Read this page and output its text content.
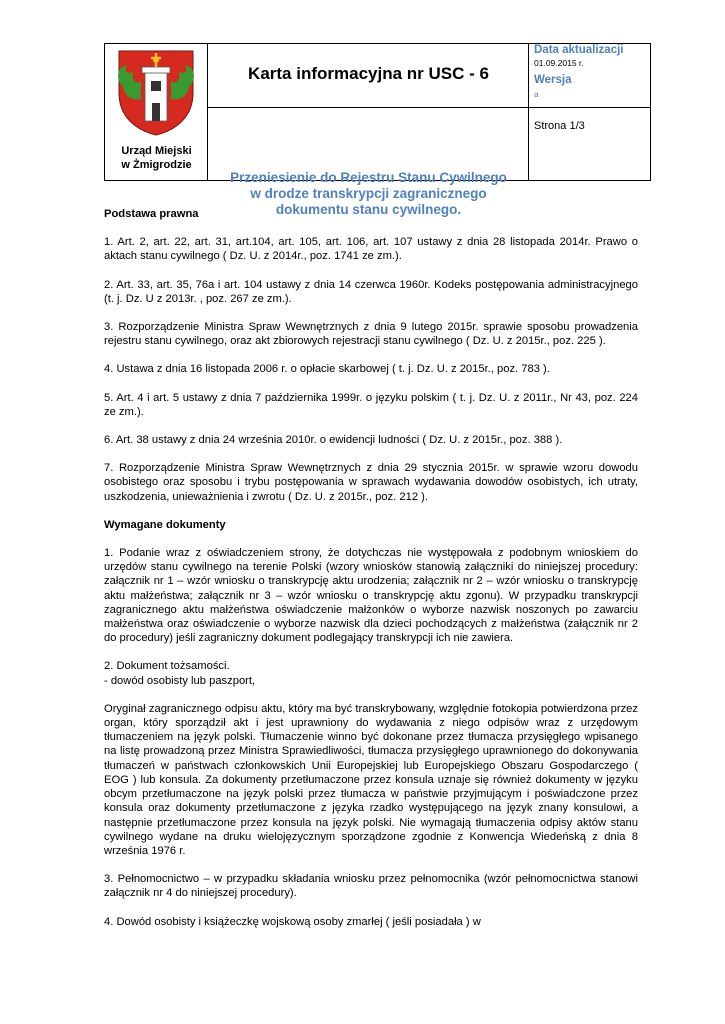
Urząd Miejski
w Żmigrodzie
Karta informacyjna nr USC - 6
Przeniesienie do Rejestru Stanu Cywilnego
w drodze transkrypcji zagranicznego
dokumentu stanu cywilnego.
Data aktualizacji
01.09.2015 r.
Wersja
a
Strona 1/3
Podstawa prawna

1. Art. 2, art. 22, art. 31, art.104, art. 105, art. 106, art. 107 ustawy z dnia 28 listopada 2014r. Prawo o aktach stanu cywilnego ( Dz. U. z 2014r., poz. 1741 ze zm.).

2. Art. 33, art. 35, 76a i art. 104 ustawy z dnia 14 czerwca 1960r. Kodeks postępowania administracyjnego (t. j. Dz. U z 2013r. , poz. 267 ze zm.).

3. Rozporządzenie Ministra Spraw Wewnętrznych z dnia 9 lutego 2015r. sprawie sposobu prowadzenia rejestru stanu cywilnego, oraz akt zbiorowych rejestracji stanu cywilnego ( Dz. U. z 2015r., poz. 225 ).

4. Ustawa z dnia 16 listopada 2006 r. o opłacie skarbowej ( t. j. Dz. U. z 2015r., poz. 783 ).

5. Art. 4 i art. 5 ustawy z dnia 7 października 1999r. o języku polskim ( t. j. Dz. U. z 2011r., Nr 43, poz. 224 ze zm.).

6. Art. 38 ustawy z dnia 24 września 2010r. o ewidencji ludności ( Dz. U. z 2015r., poz. 388 ).

7. Rozporządzenie Ministra Spraw Wewnętrznych z dnia 29 stycznia 2015r. w sprawie wzoru dowodu osobistego oraz sposobu i trybu postępowania w sprawach wydawania dowodów osobistych, ich utraty, uszkodzenia, unieważnienia i zwrotu ( Dz. U. z 2015r., poz. 212 ).

Wymagane dokumenty

1. Podanie wraz z oświadczeniem strony, że dotychczas nie występowała z podobnym wnioskiem do urzędów stanu cywilnego na terenie Polski (wzory wniosków stanowią załączniki do niniejszej procedury: załącznik nr 1 – wzór wniosku o transkrypcję aktu urodzenia; załącznik nr 2 – wzór wniosku o transkrypcję aktu małżeństwa; załącznik nr 3 – wzór wniosku o transkrypcję aktu zgonu). W przypadku transkrypcji zagranicznego aktu małżeństwa oświadczenie małżonków o wyborze nazwisk noszonych po zawarciu małżeństwa oraz oświadczenie o wyborze nazwisk dla dzieci pochodzących z małżeństwa (załącznik nr 2 do procedury) jeśli zagraniczny dokument podlegający transkrypcji ich nie zawiera.

2. Dokument tożsamości.

- dowód osobisty lub paszport,

Oryginał zagranicznego odpisu aktu, który ma być transkrybowany, względnie fotokopia potwierdzona przez organ, który sporządził akt i jest uprawniony do wydawania z niego odpisów wraz z urzędowym tłumaczeniem na język polski. Tłumaczenie winno być dokonane przez tłumacza przysięgłego wpisanego na listę prowadzoną przez Ministra Sprawiedliwości, tłumacza przysięgłego uprawnionego do dokonywania tłumaczeń w państwach członkowskich Unii Europejskiej lub Europejskiego Obszaru Gospodarczego ( EOG ) lub konsula. Za dokumenty przetłumaczone przez konsula uznaje się również dokumenty w języku obcym przetłumaczone na język polski przez tłumacza w państwie przyjmującym i poświadczone przez konsula oraz dokumenty przetłumaczone z języka rzadko występującego na język znany konsulowi, a następnie przetłumaczone przez konsula na język polski. Nie wymagają tłumaczenia odpisy aktów stanu cywilnego wydane na druku wielojęzycznym sporządzone zgodnie z Konwencja Wiedeńską z dnia 8 września 1976 r.

3. Pełnomocnictwo – w przypadku składania wniosku przez pełnomocnika (wzór pełnomocnictwa stanowi załącznik nr 4 do niniejszej procedury).

4. Dowód osobisty i książeczkę wojskową osoby zmarłej ( jeśli posiadała ) w
